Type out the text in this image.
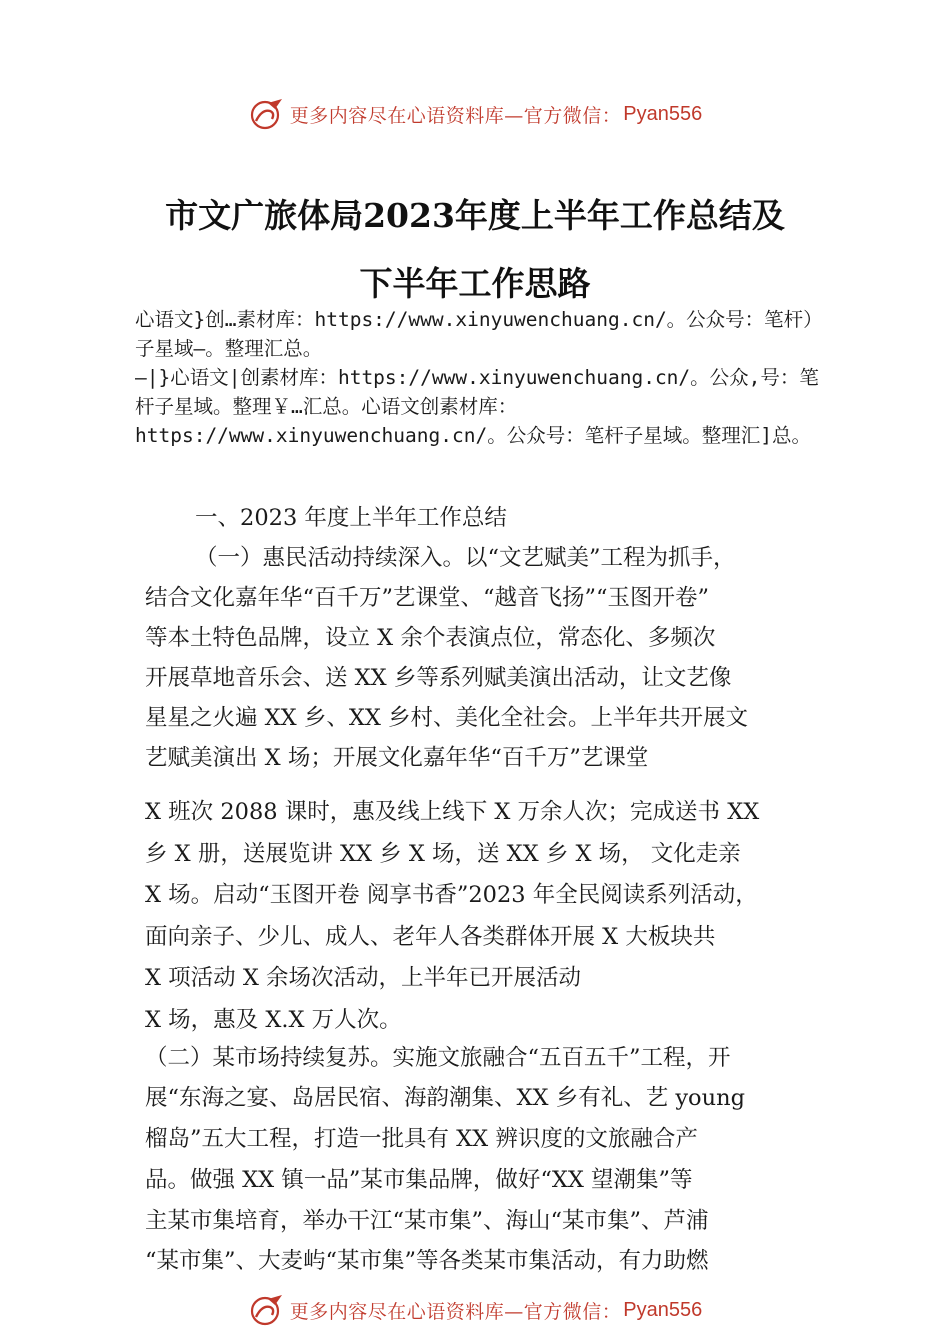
更多内容尽在心语资料库—官方微信： Pyan556
市文广旅体局2023年度上半年工作总结及
下半年工作思路

心语文}创…素材库：https://www.xinyuwenchuang.cn/。公众号：笔杆）子星域—。整理汇总。

—|}心语文|创素材库：https://www.xinyuwenchuang.cn/。公众,号：笔杆子星域。整理￥…汇总。心语文创素材库：https://www.xinyuwenchuang.cn/。公众号：笔杆子星域。整理汇]总。

一、2023 年度上半年工作总结
（一）惠民活动持续深入。以“文艺赋美”工程为抓手，
结合文化嘉年华“百千万”艺课堂、“越音飞扬”“玉图开卷”
等本土特色品牌，设立 X 余个表演点位，常态化、多频次
开展草地音乐会、送 XX 乡等系列赋美演出活动，让文艺像
星星之火遍 XX 乡、XX 乡村、美化全社会。上半年共开展文
艺赋美演出 X 场；开展文化嘉年华“百千万”艺课堂
X 班次 2088 课时，惠及线上线下 X 万余人次；完成送书 XX
乡 X 册，送展览讲 XX 乡 X 场，送 XX 乡 X 场， 文化走亲
X 场。启动“玉图开卷 阅享书香”2023 年全民阅读系列活动，
面向亲子、少儿、成人、老年人各类群体开展 X 大板块共
X 项活动 X 余场次活动，上半年已开展活动
X 场，惠及 X.X 万人次。
（二）某市场持续复苏。实施文旅融合“五百五千”工程，开
展“东海之宴、岛居民宿、海韵潮集、XX 乡有礼、艺 young
榴岛”五大工程，打造一批具有 XX 辨识度的文旅融合产
品。做强 XX 镇一品”某市集品牌，做好“XX 望潮集”等
主某市集培育，举办干江“某市集”、海山“某市集”、芦浦
“某市集”、大麦屿“某市集”等各类某市集活动，有力助燃
更多内容尽在心语资料库—官方微信： Pyan556
